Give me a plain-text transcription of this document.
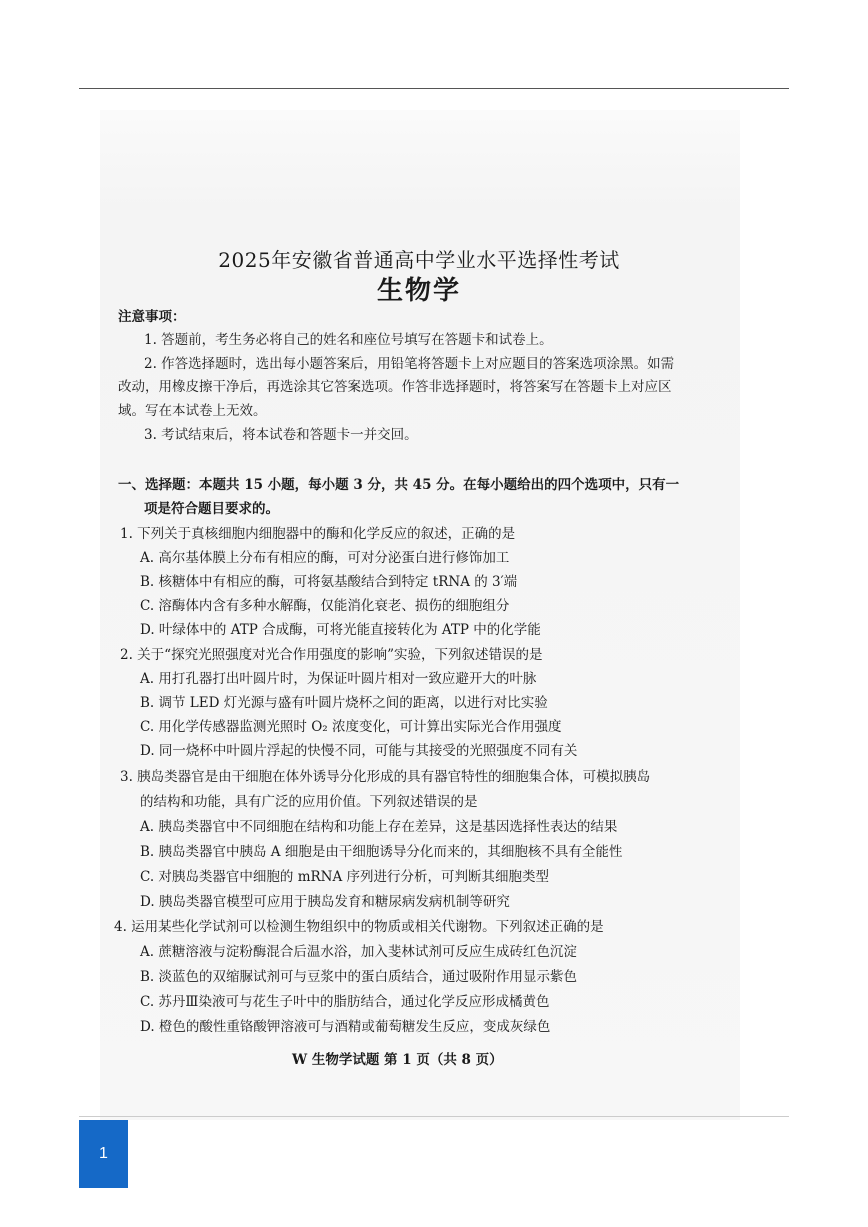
2025年安徽省普通高中学业水平选择性考试
生物学
注意事项：
1. 答题前，考生务必将自己的姓名和座位号填写在答题卡和试卷上。
2. 作答选择题时，选出每小题答案后，用铅笔将答题卡上对应题目的答案选项涂黑。如需
改动，用橡皮擦干净后，再选涂其它答案选项。作答非选择题时，将答案写在答题卡上对应区
域。写在本试卷上无效。
3. 考试结束后，将本试卷和答题卡一并交回。
一、选择题：本题共 15 小题，每小题 3 分，共 45 分。在每小题给出的四个选项中，只有一
项是符合题目要求的。
1. 下列关于真核细胞内细胞器中的酶和化学反应的叙述，正确的是
A. 高尔基体膜上分布有相应的酶，可对分泌蛋白进行修饰加工
B. 核糖体中有相应的酶，可将氨基酸结合到特定 tRNA 的 3′端
C. 溶酶体内含有多种水解酶，仅能消化衰老、损伤的细胞组分
D. 叶绿体中的 ATP 合成酶，可将光能直接转化为 ATP 中的化学能
2. 关于“探究光照强度对光合作用强度的影响”实验，下列叙述错误的是
A. 用打孔器打出叶圆片时，为保证叶圆片相对一致应避开大的叶脉
B. 调节 LED 灯光源与盛有叶圆片烧杯之间的距离，以进行对比实验
C. 用化学传感器监测光照时 O₂ 浓度变化，可计算出实际光合作用强度
D. 同一烧杯中叶圆片浮起的快慢不同，可能与其接受的光照强度不同有关
3. 胰岛类器官是由干细胞在体外诱导分化形成的具有器官特性的细胞集合体，可模拟胰岛
的结构和功能，具有广泛的应用价值。下列叙述错误的是
A. 胰岛类器官中不同细胞在结构和功能上存在差异，这是基因选择性表达的结果
B. 胰岛类器官中胰岛 A 细胞是由干细胞诱导分化而来的，其细胞核不具有全能性
C. 对胰岛类器官中细胞的 mRNA 序列进行分析，可判断其细胞类型
D. 胰岛类器官模型可应用于胰岛发育和糖尿病发病机制等研究
4. 运用某些化学试剂可以检测生物组织中的物质或相关代谢物。下列叙述正确的是
A. 蔗糖溶液与淀粉酶混合后温水浴，加入斐林试剂可反应生成砖红色沉淀
B. 淡蓝色的双缩脲试剂可与豆浆中的蛋白质结合，通过吸附作用显示紫色
C. 苏丹Ⅲ染液可与花生子叶中的脂肪结合，通过化学反应形成橘黄色
D. 橙色的酸性重铬酸钾溶液可与酒精或葡萄糖发生反应，变成灰绿色
W 生物学试题 第 1 页（共 8 页）
1
